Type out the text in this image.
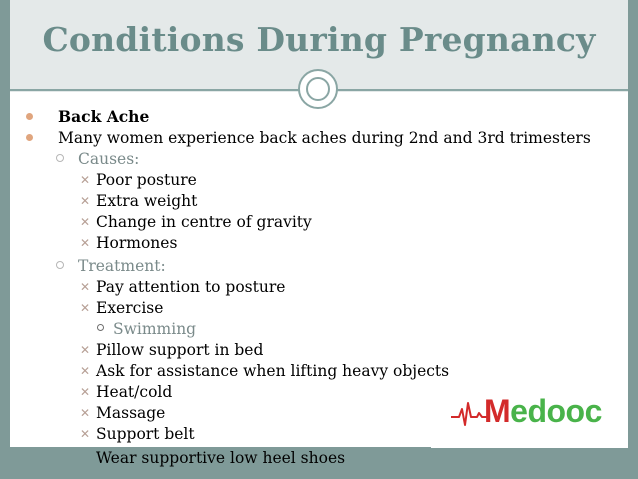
Conditions During Pregnancy
Back Ache
Many women experience back aches during 2nd and 3rd trimesters
Causes:
✕ Poor posture
✕ Extra weight
✕ Change in centre of gravity
✕ Hormones
Treatment:
✕ Pay attention to posture
✕ Exercise
Swimming
✕ Pillow support in bed
✕ Ask for assistance when lifting heavy objects
✕ Heat/cold
✕ Massage
✕ Support belt
Wear supportive low heel shoes
Medooc
